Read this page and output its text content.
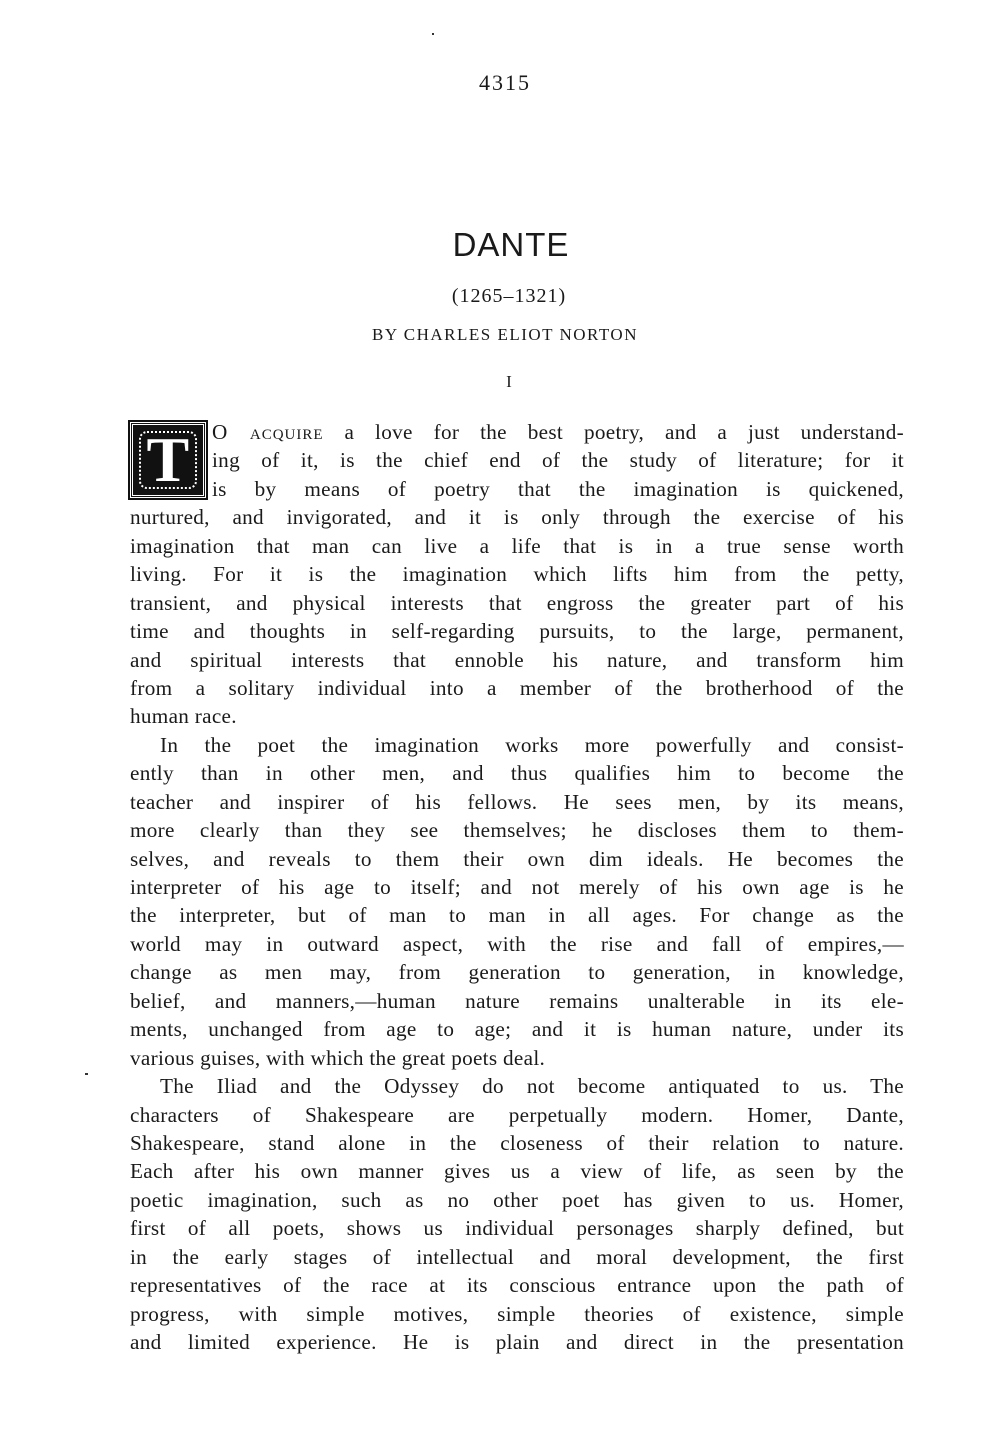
4315
DANTE
(1265–1321)
BY CHARLES ELIOT NORTON
I
T	O acquire a love for the best poetry, and a just understand-
ing of it, is the chief end of the study of literature; for it
is by means of poetry that the imagination is quickened,
nurtured, and invigorated, and it is only through the exercise of his
imagination that man can live a life that is in a true sense worth
living. For it is the imagination which lifts him from the petty,
transient, and physical interests that engross the greater part of his
time and thoughts in self-regarding pursuits, to the large, permanent,
and spiritual interests that ennoble his nature, and transform him
from a solitary individual into a member of the brotherhood of the
human race.
In the poet the imagination works more powerfully and consist-
ently than in other men, and thus qualifies him to become the
teacher and inspirer of his fellows. He sees men, by its means,
more clearly than they see themselves; he discloses them to them-
selves, and reveals to them their own dim ideals. He becomes the
interpreter of his age to itself; and not merely of his own age is he
the interpreter, but of man to man in all ages. For change as the
world may in outward aspect, with the rise and fall of empires,—
change as men may, from generation to generation, in knowledge,
belief, and manners,—human nature remains unalterable in its ele-
ments, unchanged from age to age; and it is human nature, under its
various guises, with which the great poets deal.
The Iliad and the Odyssey do not become antiquated to us. The
characters of Shakespeare are perpetually modern. Homer, Dante,
Shakespeare, stand alone in the closeness of their relation to nature.
Each after his own manner gives us a view of life, as seen by the
poetic imagination, such as no other poet has given to us. Homer,
first of all poets, shows us individual personages sharply defined, but
in the early stages of intellectual and moral development, the first
representatives of the race at its conscious entrance upon the path of
progress, with simple motives, simple theories of existence, simple
and limited experience. He is plain and direct in the presentation
